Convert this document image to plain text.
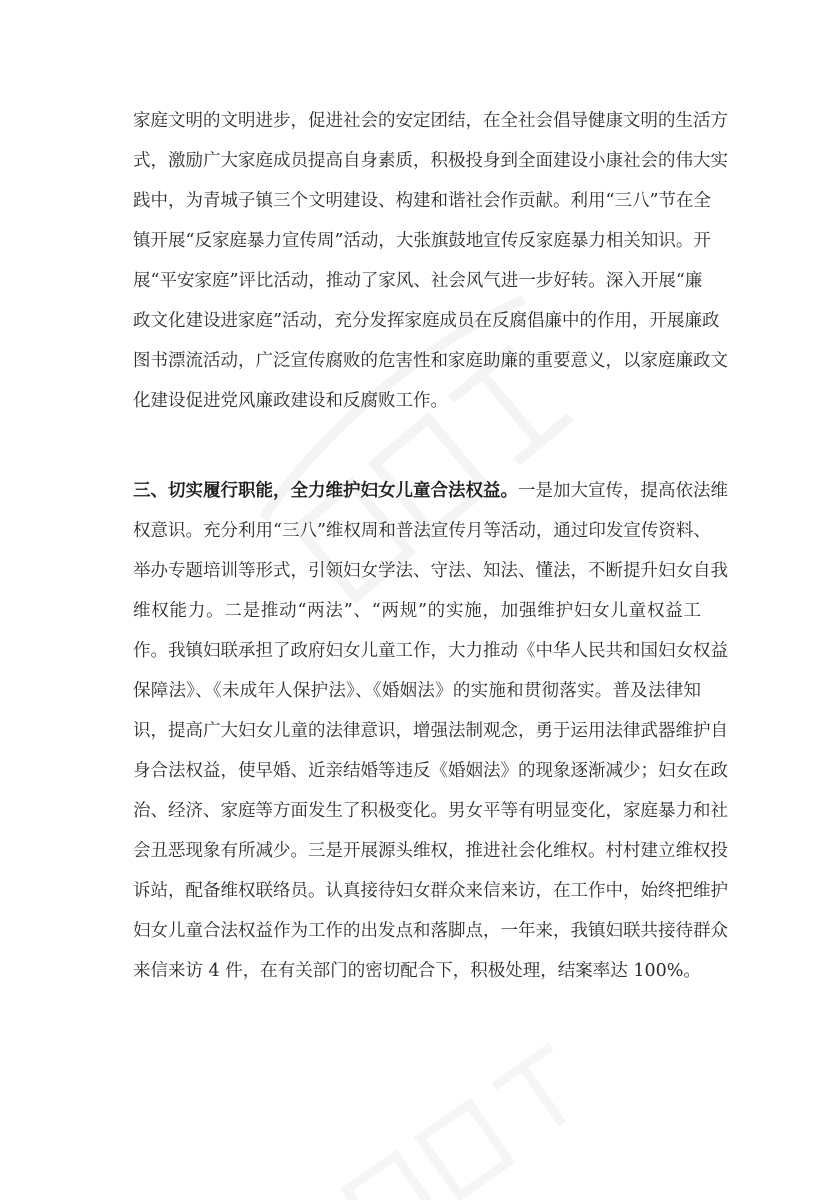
家庭文明的文明进步，促进社会的安定团结，在全社会倡导健康文明的生活方
式，激励广大家庭成员提高自身素质，积极投身到全面建设小康社会的伟大实
践中，为青城子镇三个文明建设、构建和谐社会作贡献。利用“三八”节在全
镇开展“反家庭暴力宣传周”活动，大张旗鼓地宣传反家庭暴力相关知识。开
展“平安家庭”评比活动，推动了家风、社会风气进一步好转。深入开展“廉
政文化建设进家庭”活动，充分发挥家庭成员在反腐倡廉中的作用，开展廉政
图书漂流活动，广泛宣传腐败的危害性和家庭助廉的重要意义，以家庭廉政文
化建设促进党风廉政建设和反腐败工作。
三、切实履行职能，全力维护妇女儿童合法权益。一是加大宣传，提高依法维
权意识。充分利用“三八”维权周和普法宣传月等活动，通过印发宣传资料、
举办专题培训等形式，引领妇女学法、守法、知法、懂法，不断提升妇女自我
维权能力。二是推动“两法”、“两规”的实施，加强维护妇女儿童权益工
作。我镇妇联承担了政府妇女儿童工作，大力推动《中华人民共和国妇女权益
保障法》、《未成年人保护法》、《婚姻法》的实施和贯彻落实。普及法律知
识，提高广大妇女儿童的法律意识，增强法制观念，勇于运用法律武器维护自
身合法权益，使早婚、近亲结婚等违反《婚姻法》的现象逐渐减少；妇女在政
治、经济、家庭等方面发生了积极变化。男女平等有明显变化，家庭暴力和社
会丑恶现象有所减少。三是开展源头维权，推进社会化维权。村村建立维权投
诉站，配备维权联络员。认真接待妇女群众来信来访，在工作中，始终把维护
妇女儿童合法权益作为工作的出发点和落脚点，一年来，我镇妇联共接待群众
来信来访 4 件，在有关部门的密切配合下，积极处理，结案率达 100%。
